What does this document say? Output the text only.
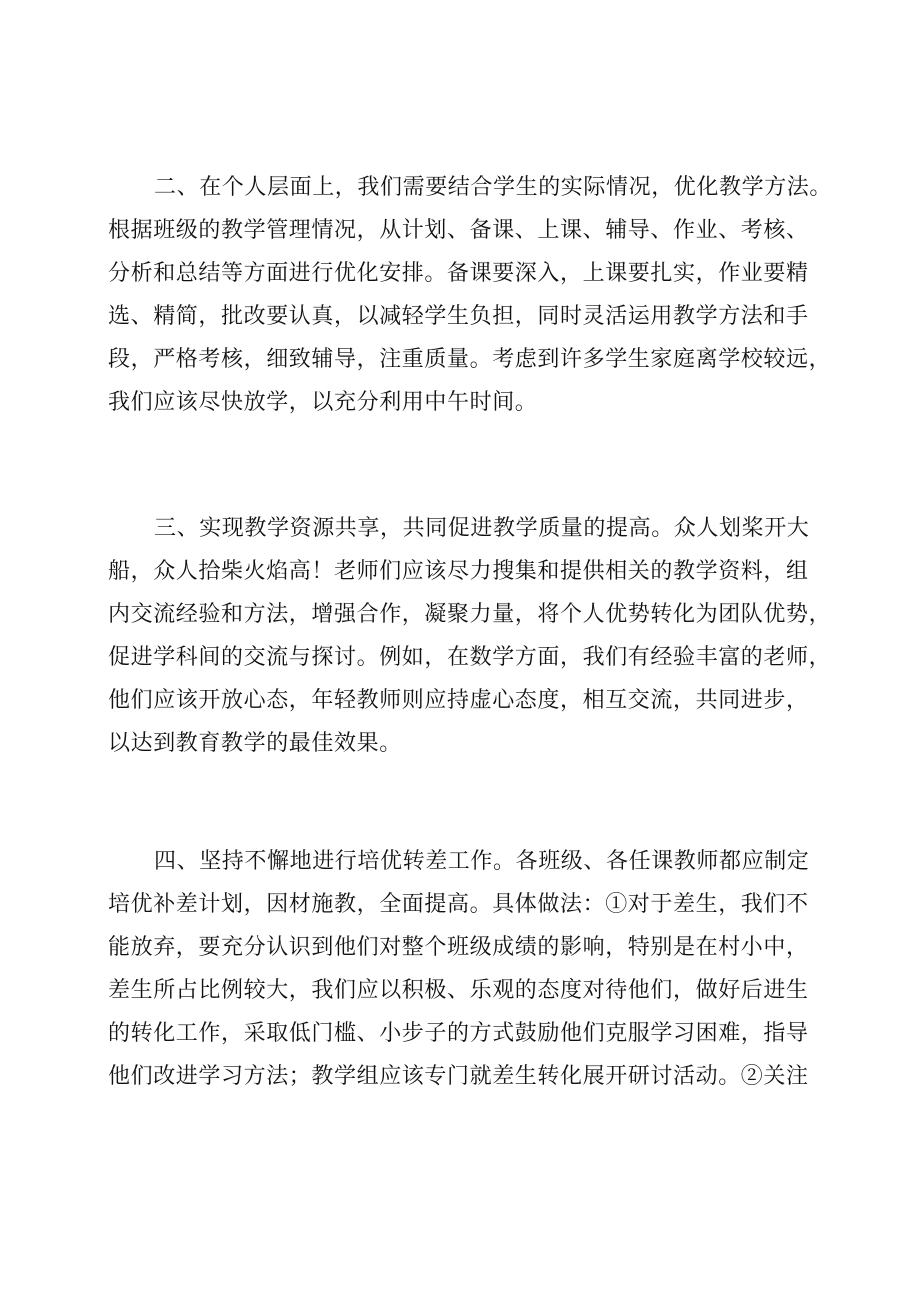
二、在个人层面上，我们需要结合学生的实际情况，优化教学方法。
根据班级的教学管理情况，从计划、备课、上课、辅导、作业、考核、
分析和总结等方面进行优化安排。备课要深入，上课要扎实，作业要精
选、精简，批改要认真，以减轻学生负担，同时灵活运用教学方法和手
段，严格考核，细致辅导，注重质量。考虑到许多学生家庭离学校较远，
我们应该尽快放学，以充分利用中午时间。
三、实现教学资源共享，共同促进教学质量的提高。众人划桨开大
船，众人拾柴火焰高！老师们应该尽力搜集和提供相关的教学资料，组
内交流经验和方法，增强合作，凝聚力量，将个人优势转化为团队优势，
促进学科间的交流与探讨。例如，在数学方面，我们有经验丰富的老师，
他们应该开放心态，年轻教师则应持虚心态度，相互交流，共同进步，
以达到教育教学的最佳效果。
四、坚持不懈地进行培优转差工作。各班级、各任课教师都应制定
培优补差计划，因材施教，全面提高。具体做法：①对于差生，我们不
能放弃，要充分认识到他们对整个班级成绩的影响，特别是在村小中，
差生所占比例较大，我们应以积极、乐观的态度对待他们，做好后进生
的转化工作，采取低门槛、小步子的方式鼓励他们克服学习困难，指导
他们改进学习方法；教学组应该专门就差生转化展开研讨活动。②关注
